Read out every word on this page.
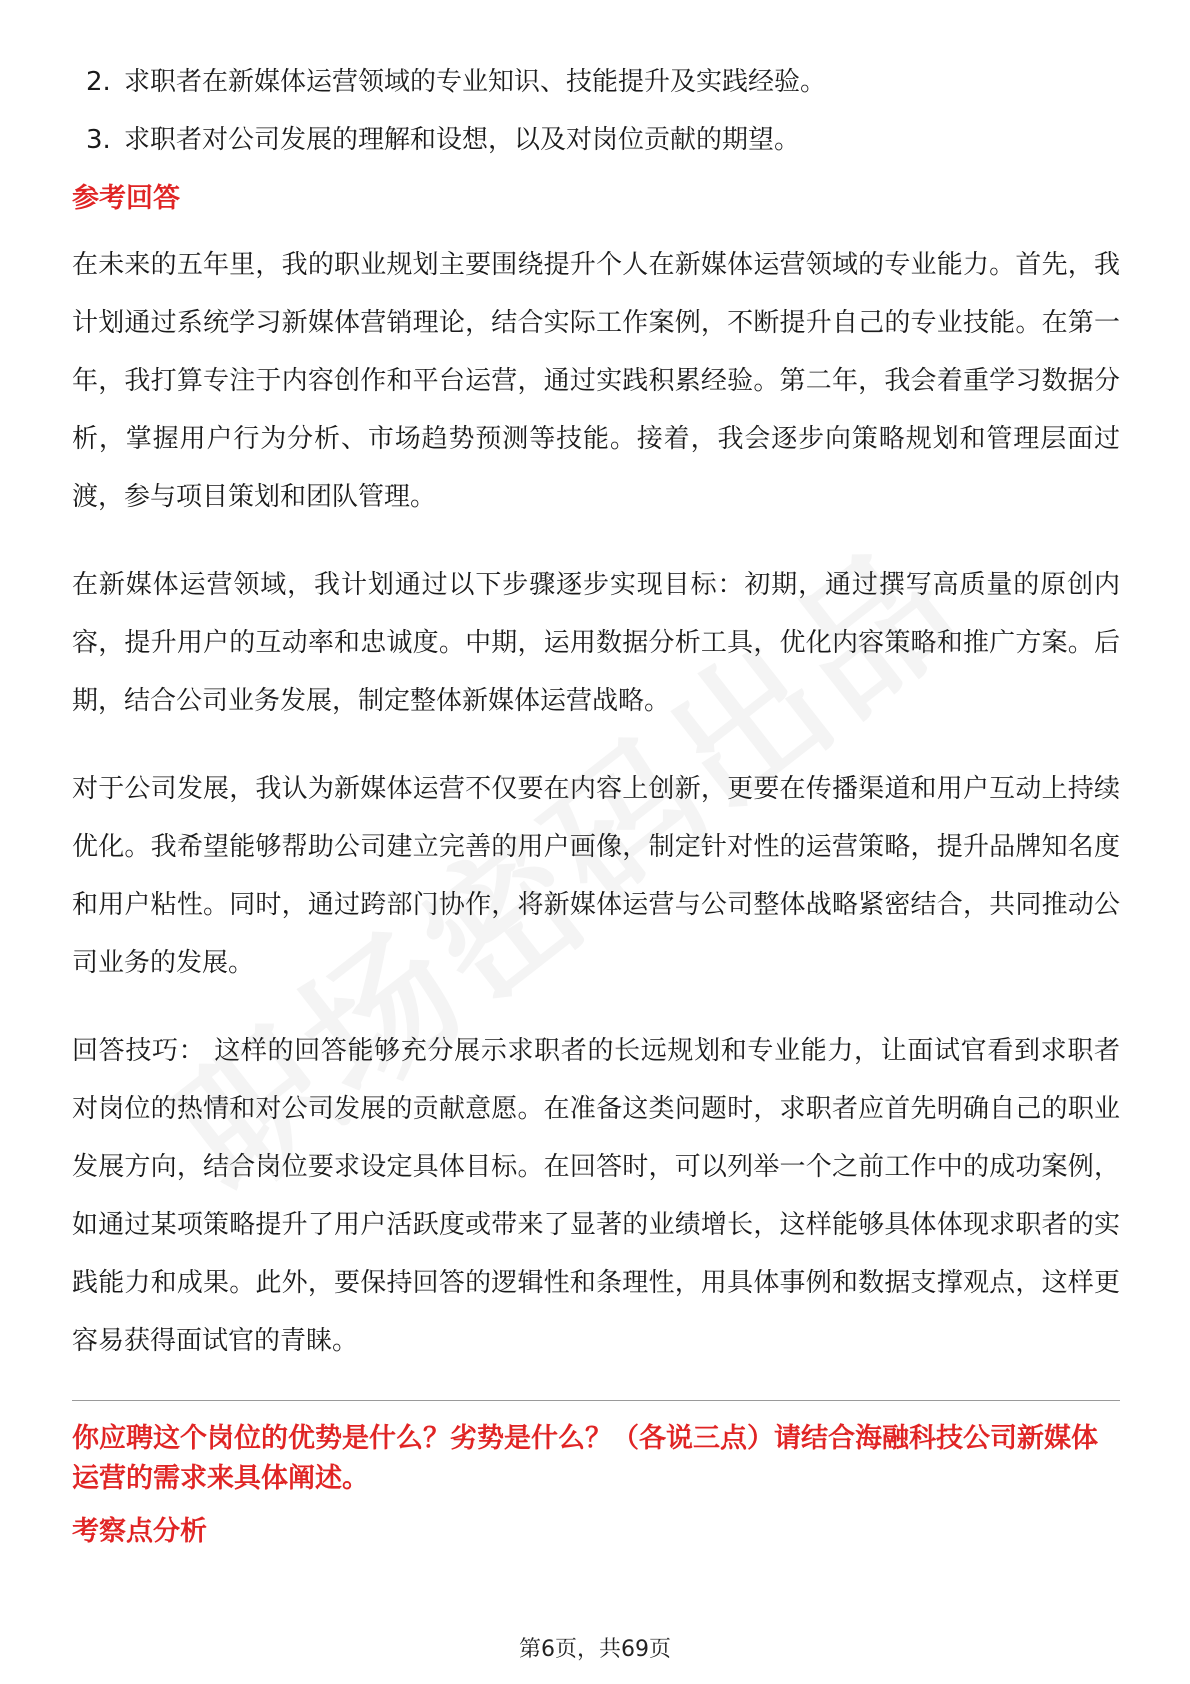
2. 求职者在新媒体运营领域的专业知识、技能提升及实践经验。
3. 求职者对公司发展的理解和设想，以及对岗位贡献的期望。
参考回答

在未来的五年里，我的职业规划主要围绕提升个人在新媒体运营领域的专业能力。首先，我计划通过系统学习新媒体营销理论，结合实际工作案例，不断提升自己的专业技能。在第一年，我打算专注于内容创作和平台运营，通过实践积累经验。第二年，我会着重学习数据分析，掌握用户行为分析、市场趋势预测等技能。接着，我会逐步向策略规划和管理层面过渡，参与项目策划和团队管理。

在新媒体运营领域，我计划通过以下步骤逐步实现目标：初期，通过撰写高质量的原创内容，提升用户的互动率和忠诚度。中期，运用数据分析工具，优化内容策略和推广方案。后期，结合公司业务发展，制定整体新媒体运营战略。

对于公司发展，我认为新媒体运营不仅要在内容上创新，更要在传播渠道和用户互动上持续优化。我希望能够帮助公司建立完善的用户画像，制定针对性的运营策略，提升品牌知名度和用户粘性。同时，通过跨部门协作，将新媒体运营与公司整体战略紧密结合，共同推动公司业务的发展。

回答技巧： 这样的回答能够充分展示求职者的长远规划和专业能力，让面试官看到求职者对岗位的热情和对公司发展的贡献意愿。在准备这类问题时，求职者应首先明确自己的职业发展方向，结合岗位要求设定具体目标。在回答时，可以列举一个之前工作中的成功案例，如通过某项策略提升了用户活跃度或带来了显著的业绩增长，这样能够具体体现求职者的实践能力和成果。此外，要保持回答的逻辑性和条理性，用具体事例和数据支撑观点，这样更容易获得面试官的青睐。

你应聘这个岗位的优势是什么？劣势是什么？（各说三点）请结合海融科技公司新媒体运营的需求来具体阐述。
考察点分析
第6页，共69页
